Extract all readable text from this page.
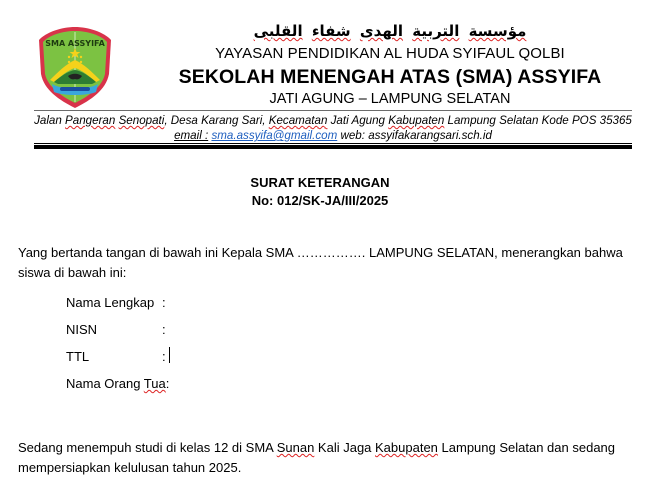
SMA ASSYIFA
مؤسسة التربية الهدى شفاء القلبى
YAYASAN PENDIDIKAN AL HUDA SYIFAUL QOLBI
SEKOLAH MENENGAH ATAS (SMA) ASSYIFA
JATI AGUNG – LAMPUNG SELATAN
Jalan Pangeran Senopati, Desa Karang Sari, Kecamatan Jati Agung Kabupaten Lampung Selatan Kode POS 35365
email : sma.assyifa@gmail.com web: assyifakarangsari.sch.id
SURAT KETERANGAN
No: 012/SK-JA/III/2025
Yang bertanda tangan di bawah ini Kepala SMA ……………. LAMPUNG SELATAN, menerangkan bahwa
siswa di bawah ini:
Nama Lengkap :
NISN	:
TTL	:
Nama Orang Tua:
Sedang menempuh studi di kelas 12 di SMA Sunan Kali Jaga Kabupaten Lampung Selatan dan sedang
mempersiapkan kelulusan tahun 2025.
